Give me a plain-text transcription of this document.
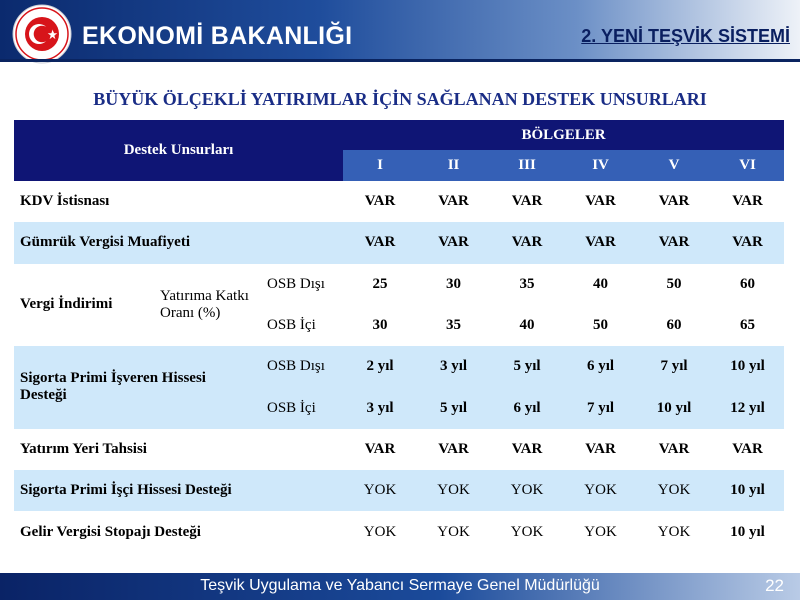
EKONOMİ BAKANLIĞI	2. YENİ TEŞVİK SİSTEMİ
BÜYÜK ÖLÇEKLİ YATIRIMLAR İÇİN SAĞLANAN DESTEK UNSURLARI
Destek Unsurları			BÖLGELER					
			I	II	III	IV	V	VI
KDV İstisnası			VAR	VAR	VAR	VAR	VAR	VAR
Gümrük Vergisi Muafiyeti			VAR	VAR	VAR	VAR	VAR	VAR
Vergi İndirimi	Yatırıma Katkı Oranı (%)	OSB Dışı	25	30	35	40	50	60
		OSB İçi	30	35	40	50	60	65
Sigorta Primi İşveren Hissesi Desteği		OSB Dışı	2 yıl	3 yıl	5 yıl	6 yıl	7 yıl	10 yıl
		OSB İçi	3 yıl	5 yıl	6 yıl	7 yıl	10 yıl	12 yıl
Yatırım Yeri Tahsisi			VAR	VAR	VAR	VAR	VAR	VAR
Sigorta Primi İşçi Hissesi Desteği			YOK	YOK	YOK	YOK	YOK	10 yıl
Gelir Vergisi Stopajı Desteği			YOK	YOK	YOK	YOK	YOK	10 yıl
Teşvik Uygulama ve Yabancı Sermaye Genel Müdürlüğü	22
